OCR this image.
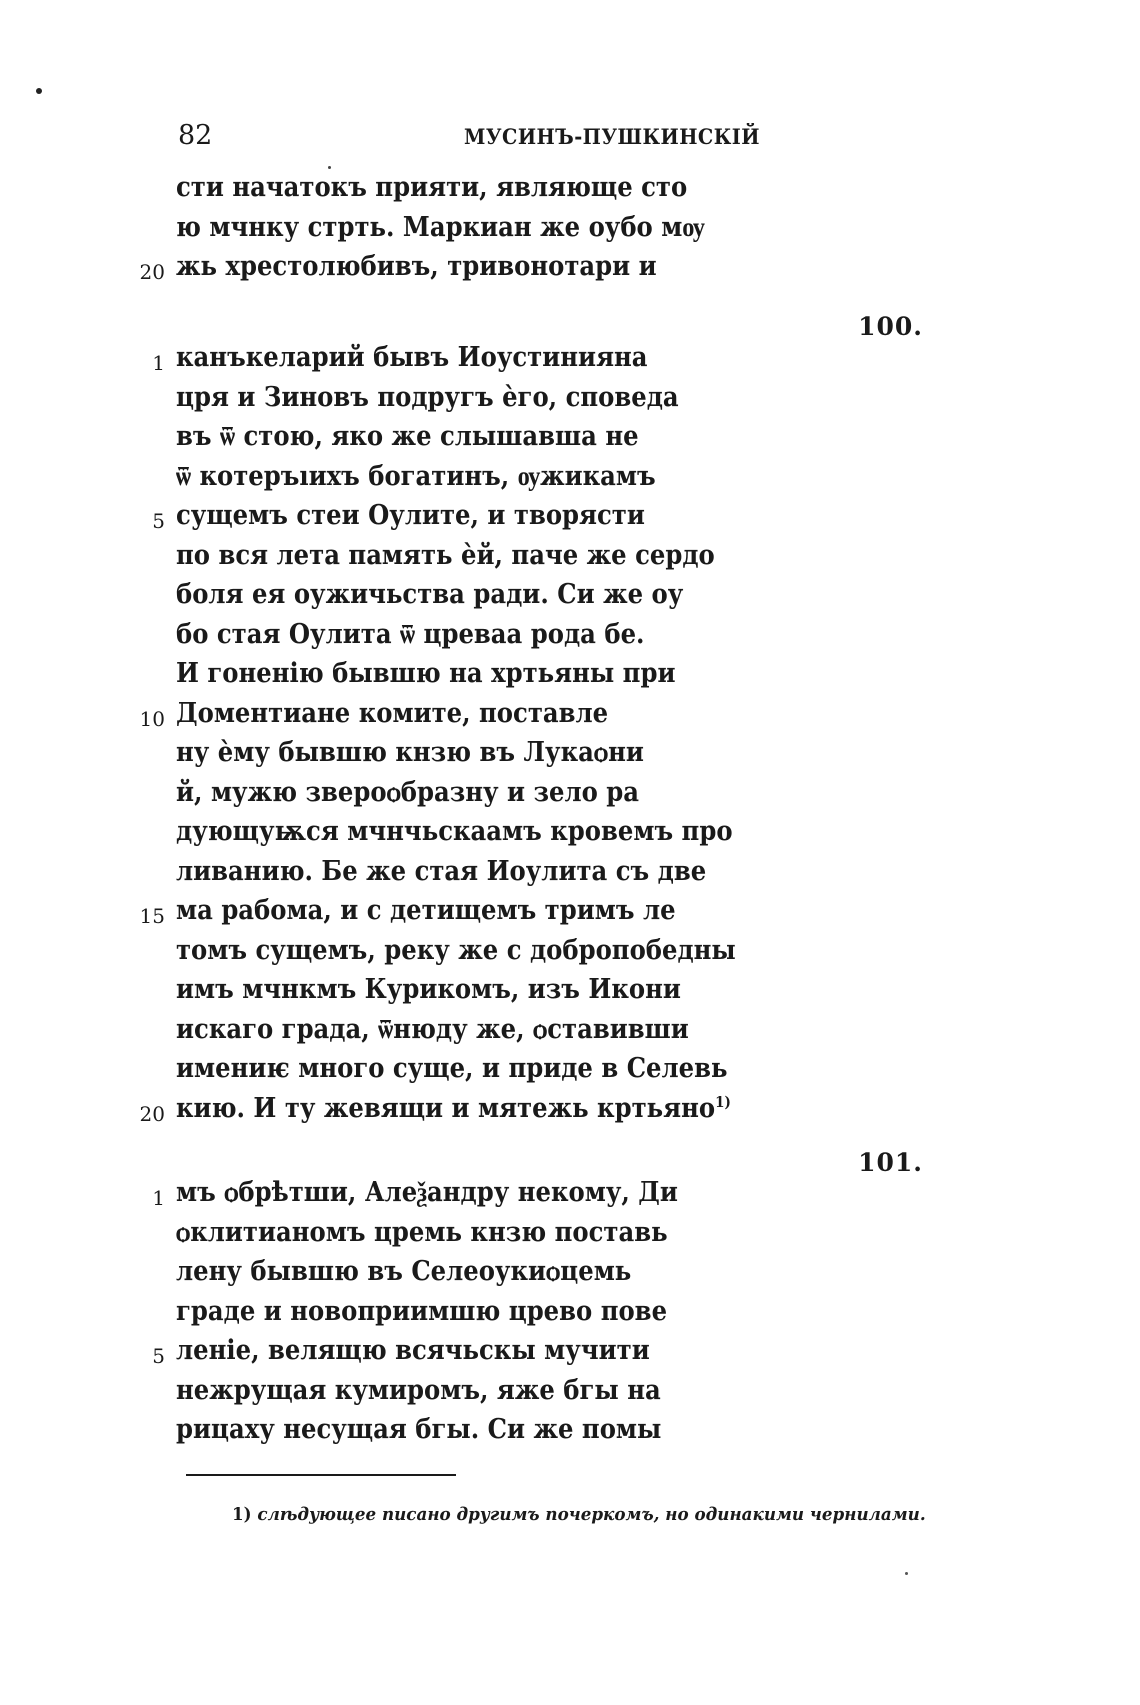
82	МУСИНЪ-ПУШКИНСКІЙ
сти начатокъ прияти, являюще сто
ю мчнку стрть. Маркиан же оубо мѹ
20 жь хрестолюбивъ, тривонотари и
100.
1 канъкеларий бывъ Иоустинияна
цря и Зиновъ подругъ ѐго, споведа
въ ѿ стою, яко же слышавша не
ѿ котеръıихъ богатинъ, ѹжикамъ
5 сущемъ стеи Оулите, и творясти
по вся лета память ѐй, паче же сердо
боля ея оужичьства ради. Си же оу
бо стая Оулита ѿ цреваа рода бе.
И гоненію бывшю на хртьяны при
10 Доментиане комите, поставле
ну ѐму бывшю кнзю въ Лукаѻни
й, мужю звероѻбразну и зело ра
дующуѭся мчнчьскаамъ кровемъ про
ливанию. Бе же стая Иоулита съ две
15 ма рабома, и с детищемъ тримъ ле
томъ сущемъ, реку же с добропобедны
имъ мчнкмъ Курикомъ, изъ Икони
искаго града, ѿнюду же, ѻставивши
имениѥ много суще, и приде в Селевь
20 кию. И ту жевящи и мятежь кртьяно$^{1)}$
101.
1 мъ ѻбрѣтши, Алеѯандру некому, Ди
ѻклитианомъ цремь кнзю поставь
лену бывшю въ Селеоукиѻцемь
граде и новоприимшю цревo пове
5 леніе, велящю всячьскы мучити
нежрущая кумиромъ, яже бгы на
рицаху несущая бгы. Си же помы
1) слѣдующее писано другимъ почеркомъ, но одинакими чернилами.
